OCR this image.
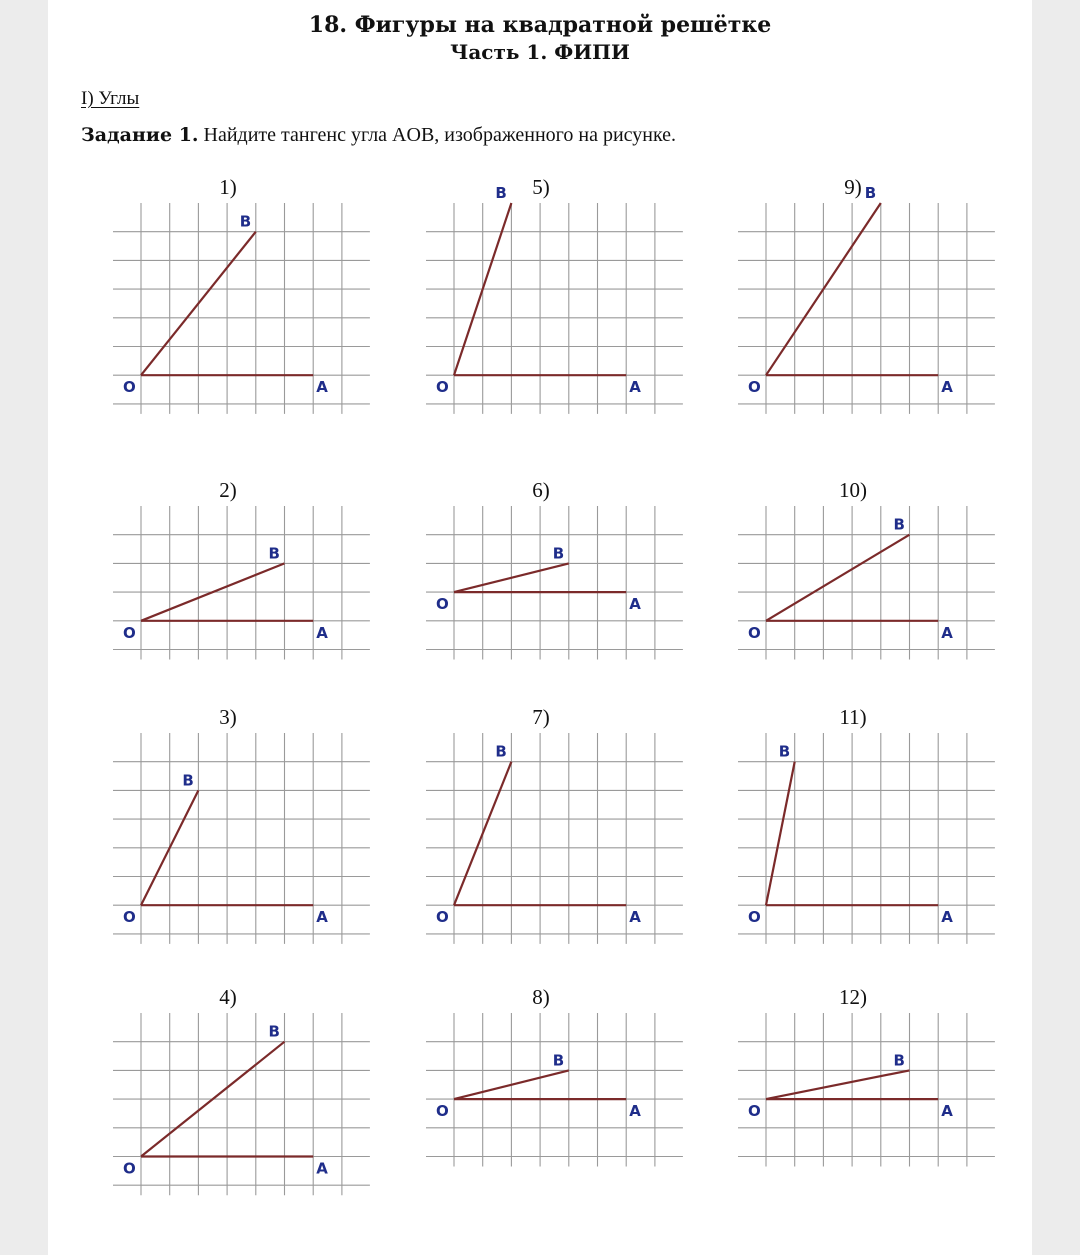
18. Фигуры на квадратной решётке
Часть 1. ФИПИ
I) Углы
Задание 1. Найдите тангенс угла AOB, изображенного на рисунке.
1)
O	A
B
2)
O	A
B
3)
O	A
B
4)
O	A
B
5)
O	A
B
6)
O	A
B
7)
O	A
B
8)
O	A
B
9)
O	A
B
10)
O	A
B
11)
O	A
B
12)
O	A
B
